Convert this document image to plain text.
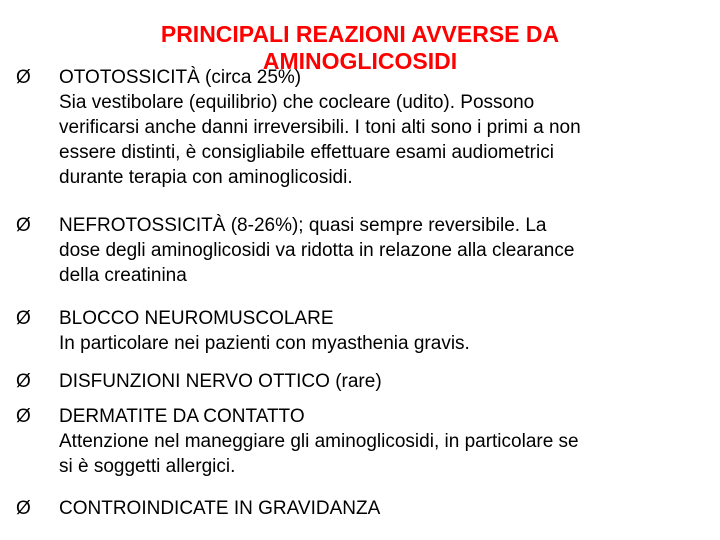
PRINCIPALI REAZIONI AVVERSE DA
AMINOGLICOSIDI
Ø OTOTOSSICITÀ (circa 25%)
Sia vestibolare (equilibrio) che cocleare (udito). Possono
verificarsi anche danni irreversibili. I toni alti sono i primi a non
essere distinti, è consigliabile effettuare esami audiometrici
durante terapia con aminoglicosidi.
Ø NEFROTOSSICITÀ (8-26%); quasi sempre reversibile. La
dose degli aminoglicosidi va ridotta in relazone alla clearance
della creatinina
Ø BLOCCO NEUROMUSCOLARE
In particolare nei pazienti con myasthenia gravis.
Ø DISFUNZIONI NERVO OTTICO (rare)
Ø DERMATITE DA CONTATTO
Attenzione nel maneggiare gli aminoglicosidi, in particolare se
si è soggetti allergici.
Ø CONTROINDICATE IN GRAVIDANZA
